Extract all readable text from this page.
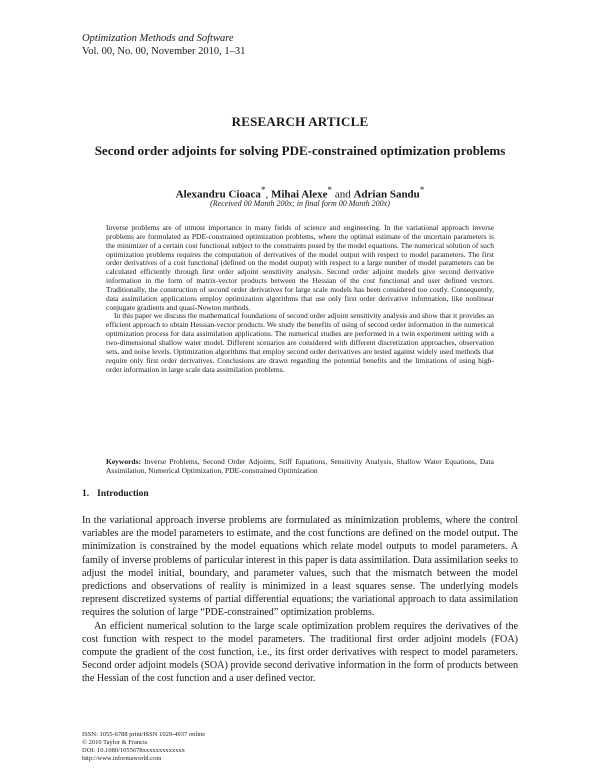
Optimization Methods and Software
Vol. 00, No. 00, November 2010, 1–31
RESEARCH ARTICLE
Second order adjoints for solving PDE-constrained optimization problems
Alexandru Cioaca*, Mihai Alexe* and Adrian Sandu*
(Received 00 Month 200x; in final form 00 Month 200x)

Inverse problems are of utmost importance in many fields of science and engineering. In the variational approach inverse problems are formulated as PDE-constrained optimization problems, where the optimal estimate of the uncertain parameters is the minimizer of a certain cost functional subject to the constraints posed by the model equations. The numerical solution of such optimization problems requires the computation of derivatives of the model output with respect to model parameters. The first order derivatives of a cost functional (defined on the model output) with respect to a large number of model parameters can be calculated efficiently through first order adjoint sensitivity analysis. Second order adjoint models give second derivative information in the form of matrix-vector products between the Hessian of the cost functional and user defined vectors. Traditionally, the construction of second order derivatives for large scale models has been considered too costly. Consequently, data assimilation applications employ optimization algorithms that use only first order derivative information, like nonlinear conjugate gradients and quasi-Newton methods.

In this paper we discuss the mathematical foundations of second order adjoint sensitivity analysis and show that it provides an efficient approach to obtain Hessian-vector products. We study the benefits of using of second order information in the numerical optimization process for data assimilation applications. The numerical studies are performed in a twin experiment setting with a two-dimensional shallow water model. Different scenarios are considered with different discretization approaches, observation sets, and noise levels. Optimization algorithms that employ second order derivatives are tested against widely used methods that require only first order derivatives. Conclusions are drawn regarding the potential benefits and the limitations of using high-order information in large scale data assimilation problems.

Keywords: Inverse Problems, Second Order Adjoints, Stiff Equations, Sensitivity Analysis, Shallow Water Equations, Data Assimilation, Numerical Optimization, PDE-constrained Optimization
1. Introduction

In the variational approach inverse problems are formulated as minimization problems, where the control variables are the model parameters to estimate, and the cost functions are defined on the model output. The minimization is constrained by the model equations which relate model outputs to model parameters. A family of inverse problems of particular interest in this paper is data assimilation. Data assimilation seeks to adjust the model initial, boundary, and parameter values, such that the mismatch between the model predictions and observations of reality is minimized in a least squares sense. The underlying models represent discretized systems of partial differential equations; the variational approach to data assimilation requires the solution of large “PDE-constrained” optimization problems.

An efficient numerical solution to the large scale optimization problem requires the derivatives of the cost function with respect to the model parameters. The traditional first order adjoint models (FOA) compute the gradient of the cost function, i.e., its first order derivatives with respect to model parameters. Second order adjoint models (SOA) provide second derivative information in the form of products between the Hessian of the cost function and a user defined vector.

ISSN: 1055-6788 print/ISSN 1029-4937 online
© 2010 Taylor & Francis
DOI: 10.1080/1055678xxxxxxxxxxxxx
http://www.informaworld.com
